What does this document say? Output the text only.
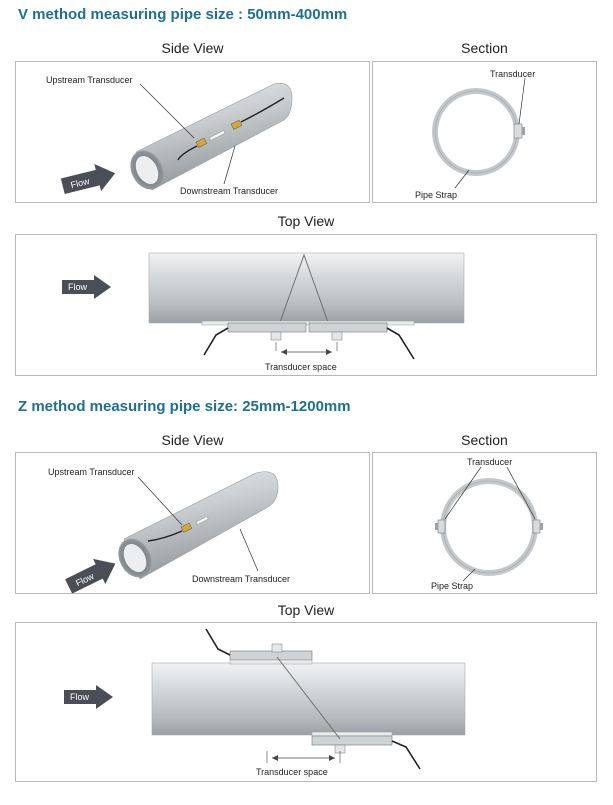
V method measuring pipe size : 50mm-400mm
Side View	Section
Upstream Transducer
Downstream Transducer
Flow
Transducer
Pipe Strap
Top View
Transducer space
Flow
Z method measuring pipe size: 25mm-1200mm
Side View	Section
Upstream Transducer
Downstream Transducer
Flow
Transducer
Pipe Strap
Top View
Transducer space
Flow
